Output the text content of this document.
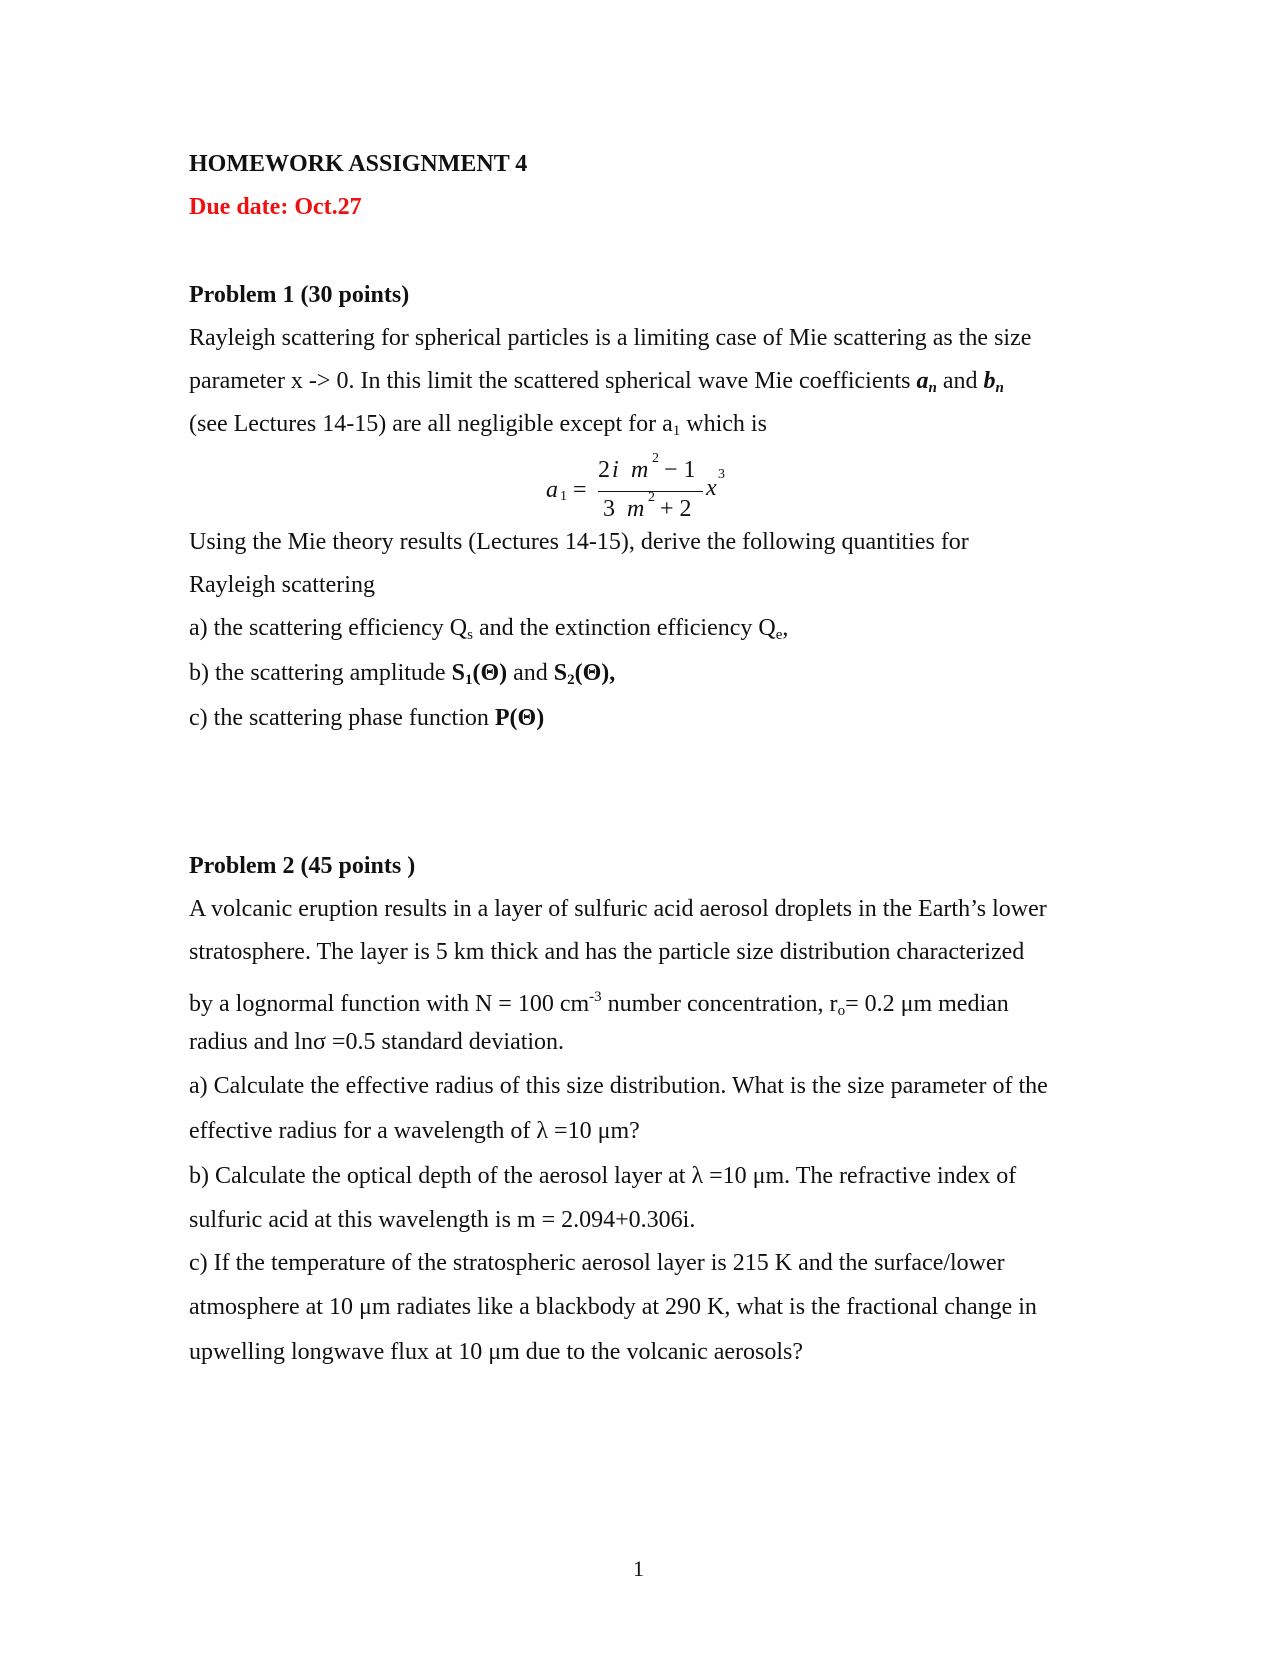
HOMEWORK ASSIGNMENT 4
Due date: Oct.27
Problem 1 (30 points)
Rayleigh scattering for spherical particles is a limiting case of Mie scattering as the size
parameter x -> 0. In this limit the scattered spherical wave Mie coefficients an and bn
(see Lectures 14-15) are all negligible except for a1 which is
a 1 =
2 i m 2 − 1
3 m 2 + 2
x
3
Using the Mie theory results (Lectures 14-15), derive the following quantities for
Rayleigh scattering
a) the scattering efficiency Qs and the extinction efficiency Qe,
b) the scattering amplitude S1(Θ) and S2(Θ),
c) the scattering phase function P(Θ)
Problem 2 (45 points )
A volcanic eruption results in a layer of sulfuric acid aerosol droplets in the Earth’s lower
stratosphere. The layer is 5 km thick and has the particle size distribution characterized
by a lognormal function with N = 100 $cm^{-3}$ number concentration, ro= 0.2 μm median
radius and lnσ =0.5 standard deviation.
a) Calculate the effective radius of this size distribution. What is the size parameter of the
effective radius for a wavelength of λ =10 μm?
b) Calculate the optical depth of the aerosol layer at λ =10 μm. The refractive index of
sulfuric acid at this wavelength is m = 2.094+0.306i.
c) If the temperature of the stratospheric aerosol layer is 215 K and the surface/lower
atmosphere at 10 μm radiates like a blackbody at 290 K, what is the fractional change in
upwelling longwave flux at 10 μm due to the volcanic aerosols?
1
